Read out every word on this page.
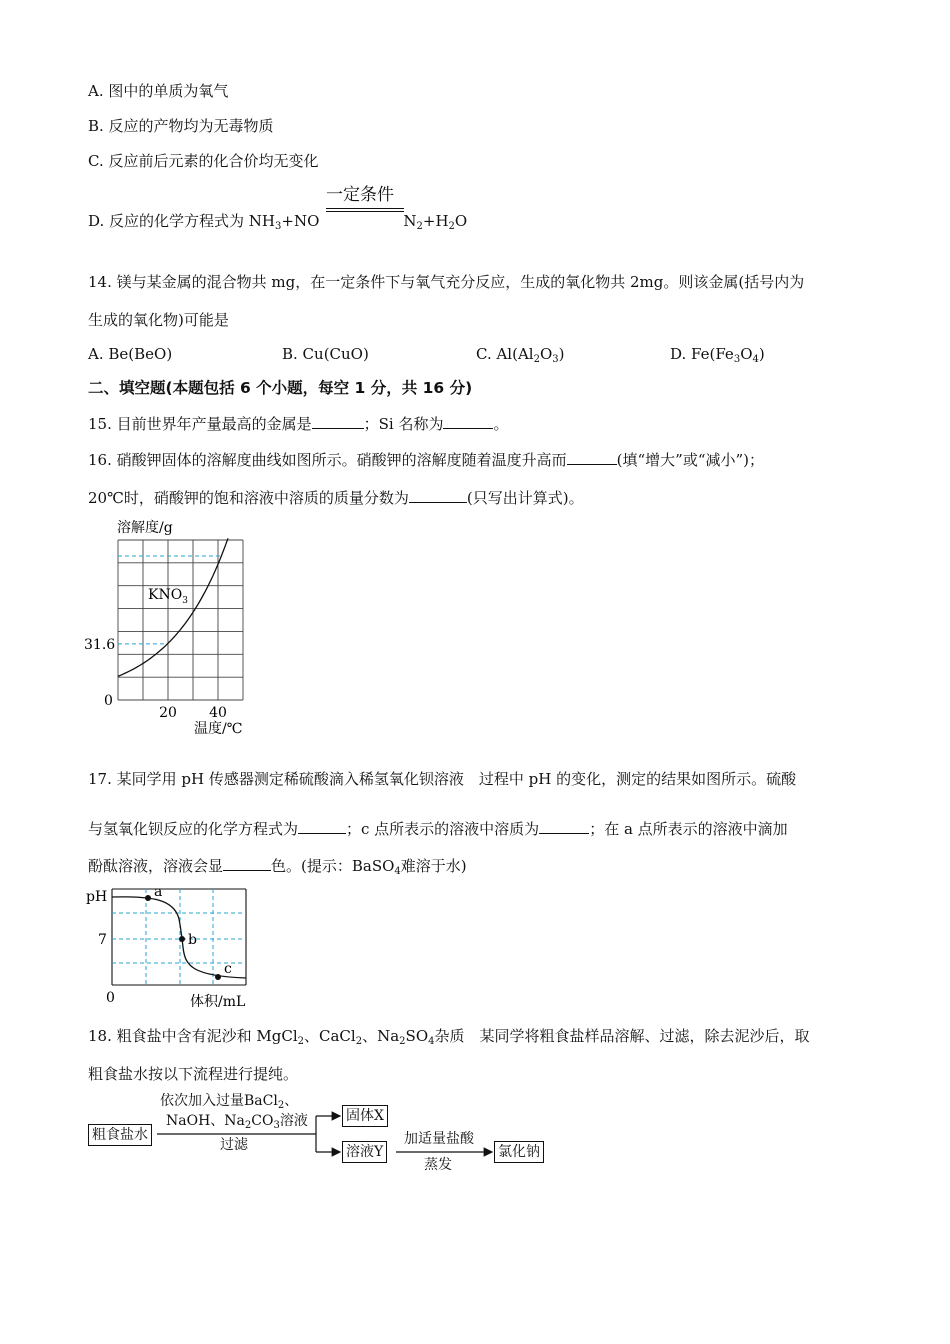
A. 图中的单质为氧气
B. 反应的产物均为无毒物质
C. 反应前后元素的化合价均无变化
D. 反应的化学方程式为 $NH_3+NO$	$N_2+H_2O$
一定条件
14. 镁与某金属的混合物共 mg，在一定条件下与氧气充分反应，生成的氧化物共 2mg。则该金属(括号内为
生成的氧化物)可能是
A. Be(BeO)	B. Cu(CuO)	C. $Al(Al_2O_3)$	D. $Fe(Fe_3O_4)$
二、填空题(本题包括 6 个小题，每空 1 分，共 16 分)
15. 目前世界年产量最高的金属是	；Si 名称为	。
16. 硝酸钾固体的溶解度曲线如图所示。硝酸钾的溶解度随着温度升高而	(填“增大”或“减小”)；
20℃时，硝酸钾的饱和溶液中溶质的质量分数为	(只写出计算式)。
溶解度/g
温度/℃
0
20 40
31.6
$KNO_3$
17. 某同学用 pH 传感器测定稀硫酸滴入稀氢氧化钡溶液　过程中 pH 的变化，测定的结果如图所示。硫酸
与氢氧化钡反应的化学方程式为	；c 点所表示的溶液中溶质为	；在 a 点所表示的溶液中滴加
酚酞溶液，溶液会显	色。(提示：BaSO$_4$难溶于水)
a
b
c
pH
7
0	体积/mL
18. 粗食盐中含有泥沙和 MgCl$_2$、CaCl$_2$、$Na_2SO_4$杂质　某同学将粗食盐样品溶解、过滤，除去泥沙后，取
粗食盐水按以下流程进行提纯。
粗食盐水
固体X
溶液Y	氯化钠
依次加入过量BaCl$_2$、
NaOH、$Na_2CO_3$溶液
过滤	加适量盐酸
蒸发
